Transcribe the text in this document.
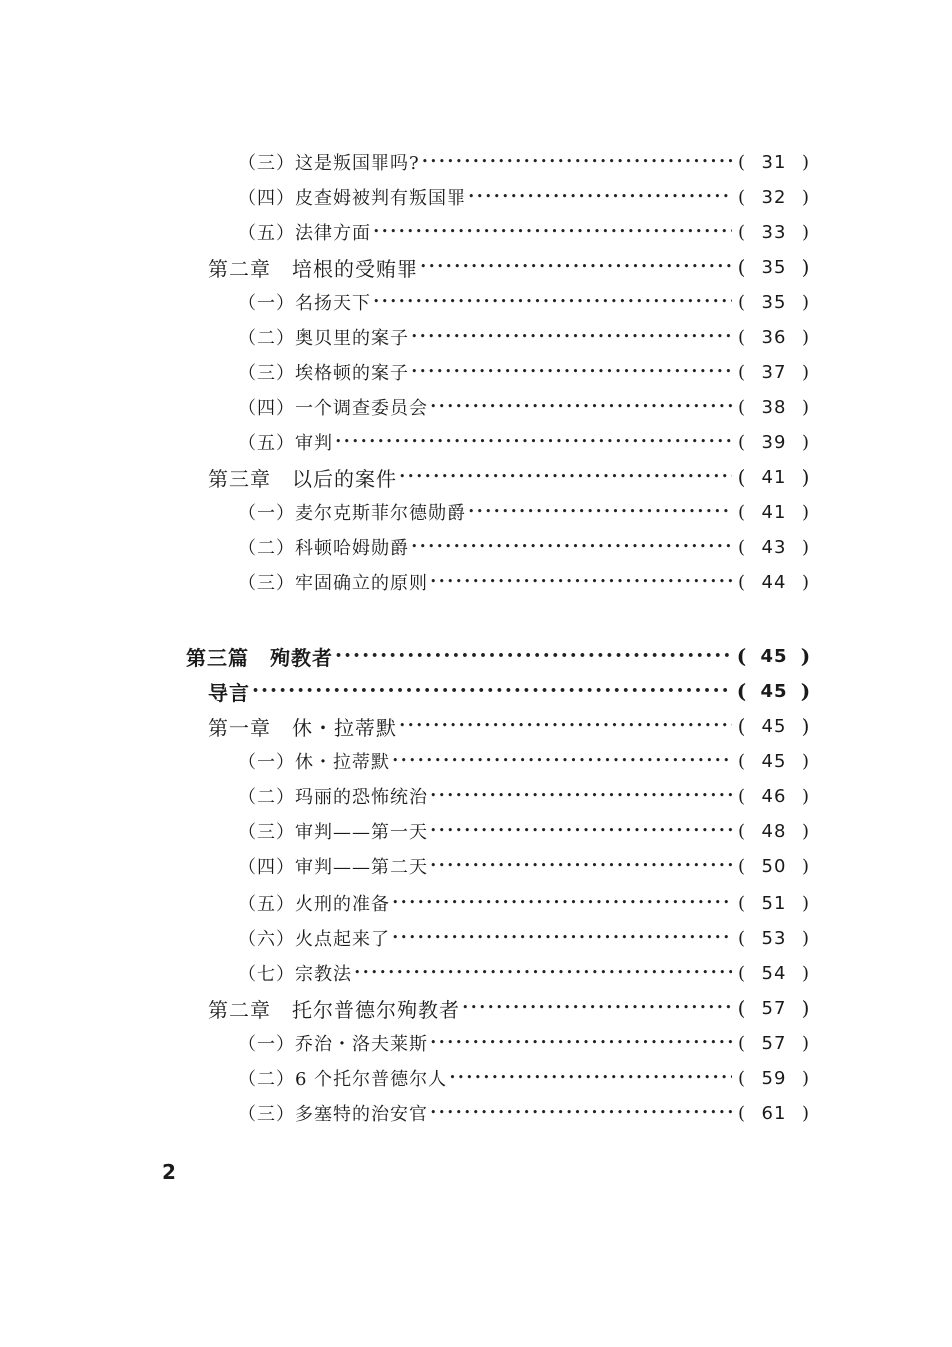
（三）这是叛国罪吗? •••••	( 31 )
（四）皮查姆被判有叛国罪 •••••	( 32 )
（五）法律方面 •••••	( 33 )
第二章　培根的受贿罪 •••••	( 35 )
（一）名扬天下 •••••	( 35 )
（二）奥贝里的案子 •••••	( 36 )
（三）埃格顿的案子 •••••	( 37 )
（四）一个调查委员会 •••••	( 38 )
（五）审判 •••••	( 39 )
第三章　以后的案件 •••••	( 41 )
（一）麦尔克斯菲尔德勋爵 •••••	( 41 )
（二）科顿哈姆勋爵 •••••	( 43 )
（三）牢固确立的原则 •••••	( 44 )
第三篇　殉教者 •••••	( 45 )
导言 •••••	( 45 )
第一章　休・拉蒂默 •••••	( 45 )
（一）休・拉蒂默 •••••	( 45 )
（二）玛丽的恐怖统治 •••••	( 46 )
（三）审判——第一天 •••••	( 48 )
（四）审判——第二天 •••••	( 50 )
（五）火刑的准备 •••••	( 51 )
（六）火点起来了 •••••	( 53 )
（七）宗教法 •••••	( 54 )
第二章　托尔普德尔殉教者 •••••	( 57 )
（一）乔治・洛夫莱斯 •••••	( 57 )
（二）6 个托尔普德尔人 •••••	( 59 )
（三）多塞特的治安官 •••••	( 61 )
2
